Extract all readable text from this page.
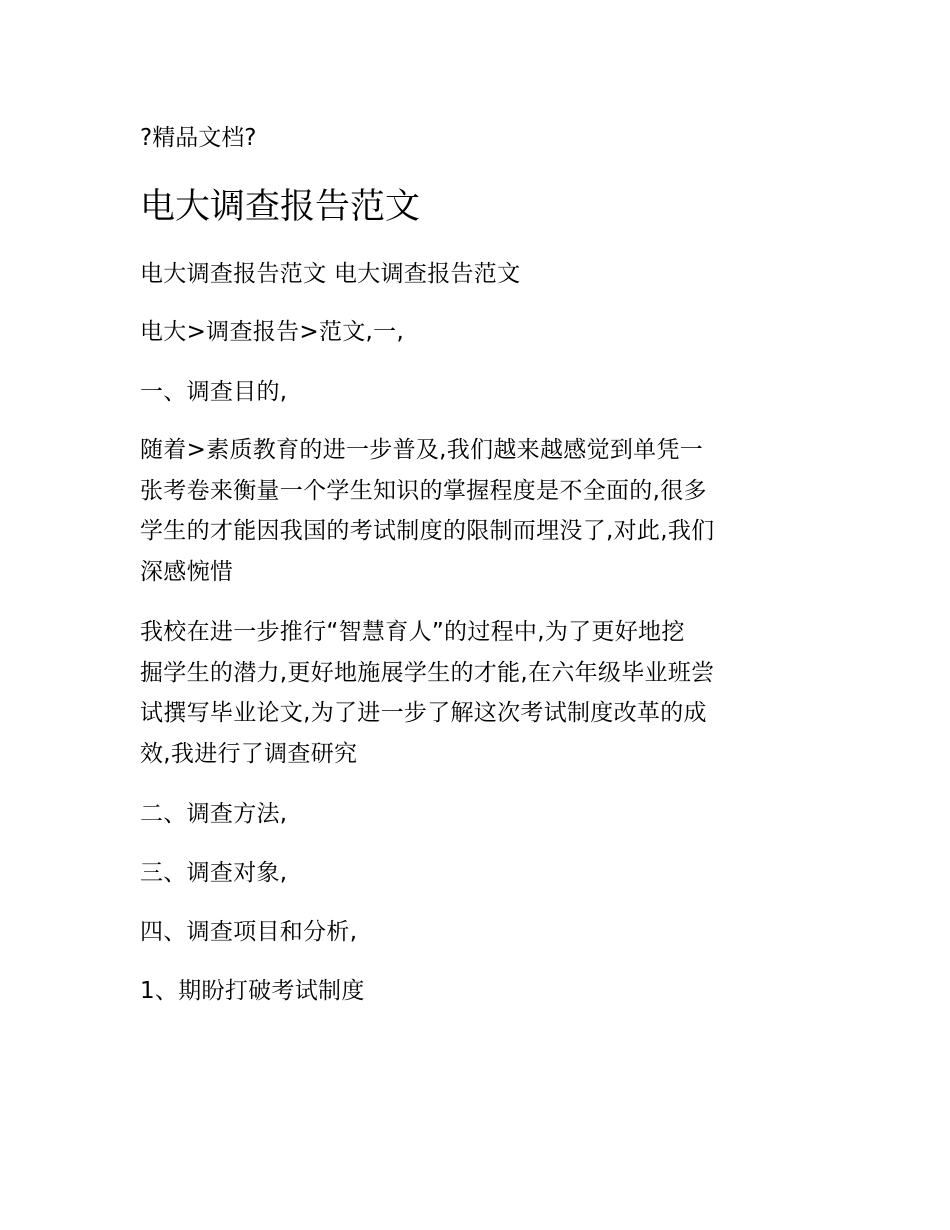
?精品文档?
电大调查报告范文

电大调查报告范文 电大调查报告范文

电大>调查报告>范文,一,

一、调查目的,

随着>素质教育的进一步普及,我们越来越感觉到单凭一
张考卷来衡量一个学生知识的掌握程度是不全面的,很多
学生的才能因我国的考试制度的限制而埋没了,对此,我们
深感惋惜

我校在进一步推行“智慧育人”的过程中,为了更好地挖
掘学生的潜力,更好地施展学生的才能,在六年级毕业班尝
试撰写毕业论文,为了进一步了解这次考试制度改革的成
效,我进行了调查研究

二、调查方法,

三、调查对象,

四、调查项目和分析,

1、期盼打破考试制度
